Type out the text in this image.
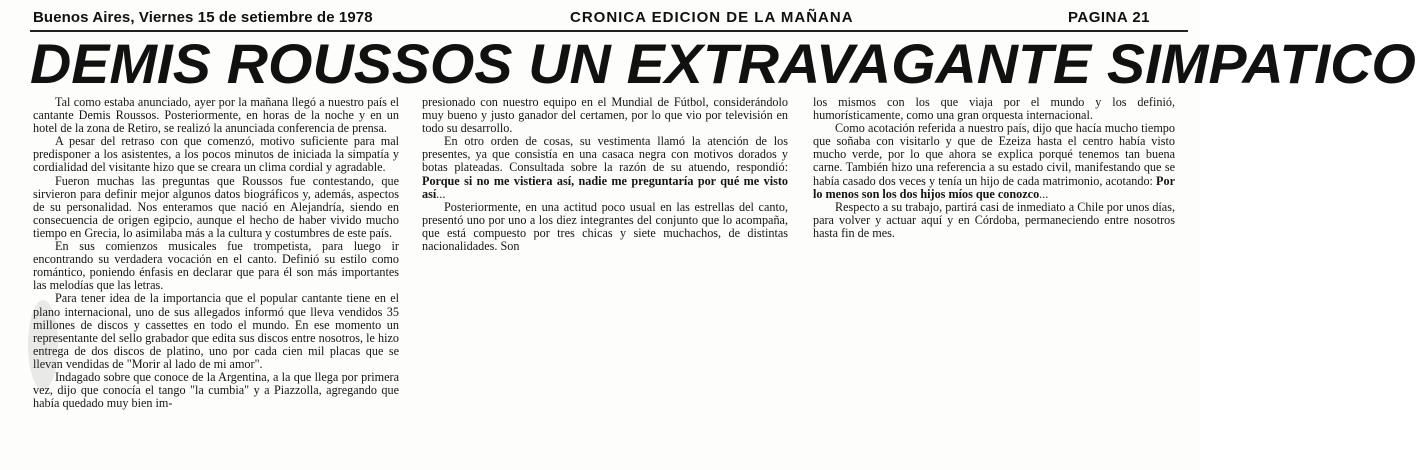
Buenos Aires, Viernes 15 de setiembre de 1978	CRONICA EDICION DE LA MAÑANA	PAGINA 21
DEMIS ROUSSOS UN EXTRAVAGANTE SIMPATICO

Tal como estaba anunciado, ayer por la mañana llegó a nuestro país el cantante Demis Roussos. Posteriormente, en horas de la noche y en un hotel de la zona de Retiro, se realizó la anunciada conferencia de prensa.

A pesar del retraso con que comenzó, motivo suficiente para mal predisponer a los asistentes, a los pocos minutos de iniciada la simpatía y cordialidad del visitante hizo que se creara un clima cordial y agradable.

Fueron muchas las preguntas que Roussos fue contestando, que sirvieron para definir mejor algunos datos biográficos y, además, aspectos de su personalidad. Nos enteramos que nació en Alejandría, siendo en consecuencia de origen egipcio, aunque el hecho de haber vivido mucho tiempo en Grecia, lo asimilaba más a la cultura y costumbres de este país.

En sus comienzos musicales fue trompetista, para luego ir encontrando su verdadera vocación en el canto. Definió su estilo como romántico, poniendo énfasis en declarar que para él son más importantes las melodías que las letras.

Para tener idea de la importancia que el popular cantante tiene en el plano internacional, uno de sus allegados informó que lleva vendidos 35 millones de discos y cassettes en todo el mundo. En ese momento un representante del sello grabador que edita sus discos entre nosotros, le hizo entrega de dos discos de platino, uno por cada cien mil placas que se llevan vendidas de "Morir al lado de mi amor".

Indagado sobre que conoce de la Argentina, a la que llega por primera vez, dijo que conocía el tango "la cumbia" y a Piazzolla, agregando que había quedado muy bien im-

presionado con nuestro equipo en el Mundial de Fútbol, considerándolo muy bueno y justo ganador del certamen, por lo que vio por televisión en todo su desarrollo.

En otro orden de cosas, su vestimenta llamó la atención de los presentes, ya que consistía en una casaca negra con motivos dorados y botas plateadas. Consultada sobre la razón de su atuendo, respondió: Porque si no me vistiera así, nadie me preguntaría por qué me visto así...

Posteriormente, en una actitud poco usual en las estrellas del canto, presentó uno por uno a los diez integrantes del conjunto que lo acompaña, que está compuesto por tres chicas y siete muchachos, de distintas nacionalidades. Son

los mismos con los que viaja por el mundo y los definió, humorísticamente, como una gran orquesta internacional.

Como acotación referida a nuestro país, dijo que hacía mucho tiempo que soñaba con visitarlo y que de Ezeiza hasta el centro había visto mucho verde, por lo que ahora se explica porqué tenemos tan buena carne. También hizo una referencia a su estado civil, manifestando que se había casado dos veces y tenía un hijo de cada matrimonio, acotando: Por lo menos son los dos hijos míos que conozco...

Respecto a su trabajo, partirá casi de inmediato a Chile por unos días, para volver y actuar aquí y en Córdoba, permaneciendo entre nosotros hasta fin de mes.
